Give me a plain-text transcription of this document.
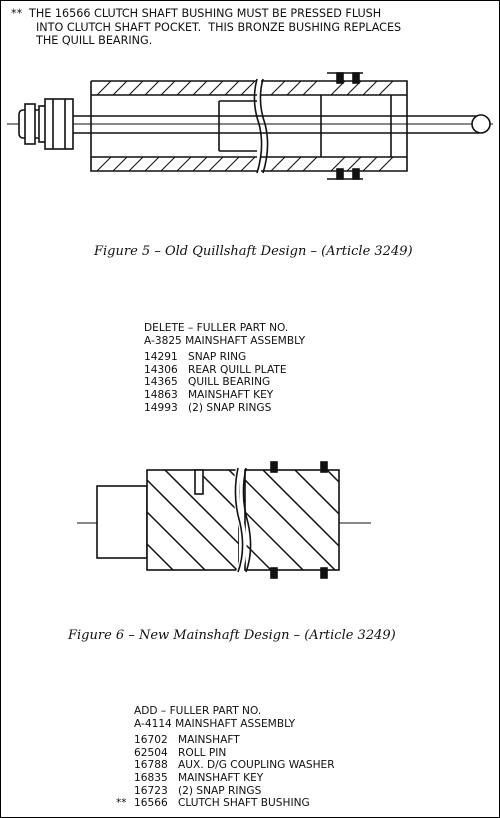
** THE 16566 CLUTCH SHAFT BUSHING MUST BE PRESSED FLUSH
INTO CLUTCH SHAFT POCKET.  THIS BRONZE BUSHING REPLACES
THE QUILL BEARING.
Figure 5 – Old Quillshaft Design – (Article 3249)
DELETE – FULLER PART NO.
A-3825 MAINSHAFT ASSEMBLY
14291 SNAP RING
14306 REAR QUILL PLATE
14365 QUILL BEARING
14863 MAINSHAFT KEY
14993 (2) SNAP RINGS
Figure 6 – New Mainshaft Design – (Article 3249)
ADD – FULLER PART NO.
A-4114 MAINSHAFT ASSEMBLY
16702 MAINSHAFT
62504 ROLL PIN
16788 AUX. D/G COUPLING WASHER
16835 MAINSHAFT KEY
16723 (2) SNAP RINGS
** 16566 CLUTCH SHAFT BUSHING
